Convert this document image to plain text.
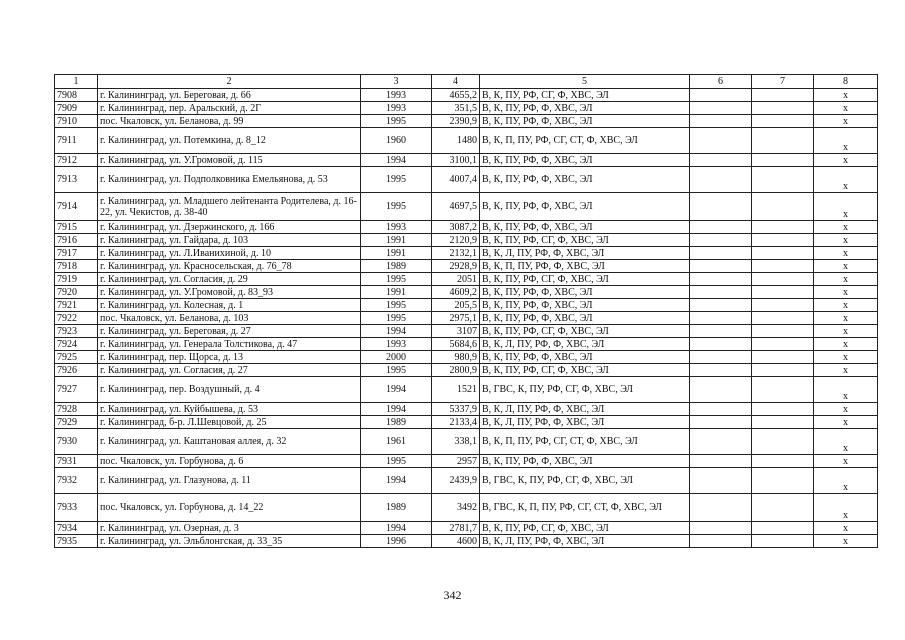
1	2	3	4	5	6	7	8
7908	г. Калининград, ул. Береговая, д. 66	1993	4655,2	В, К, ПУ, РФ, СГ, Ф, ХВС, ЭЛ			х
7909	г. Калининград, пер. Аральский, д. 2Г	1993	351,5	В, К, ПУ, РФ, Ф, ХВС, ЭЛ			х
7910	пос. Чкаловск, ул. Беланова, д. 99	1995	2390,9	В, К, ПУ, РФ, Ф, ХВС, ЭЛ			х
7911	г. Калининград, ул. Потемкина, д. 8_12	1960	1480	В, К, П, ПУ, РФ, СГ, СТ, Ф, ХВС, ЭЛ			х
7912	г. Калининград, ул. У.Громовой, д. 115	1994	3100,1	В, К, ПУ, РФ, Ф, ХВС, ЭЛ			х
7913	г. Калининград, ул. Подполковника Емельянова, д. 53	1995	4007,4	В, К, ПУ, РФ, Ф, ХВС, ЭЛ			х
7914	г. Калининград, ул. Младшего лейтенанта Родителева, д. 16-22, ул. Чекистов, д. 38-40	1995	4697,5	В, К, ПУ, РФ, Ф, ХВС, ЭЛ			х
7915	г. Калининград, ул. Дзержинского, д. 166	1993	3087,2	В, К, ПУ, РФ, Ф, ХВС, ЭЛ			х
7916	г. Калининград, ул. Гайдара, д. 103	1991	2120,9	В, К, ПУ, РФ, СГ, Ф, ХВС, ЭЛ			х
7917	г. Калининград, ул. Л.Иванихиной, д. 10	1991	2132,1	В, К, Л, ПУ, РФ, Ф, ХВС, ЭЛ			х
7918	г. Калининград, ул. Красносельская, д. 76_78	1989	2928,9	В, К, П, ПУ, РФ, Ф, ХВС, ЭЛ			х
7919	г. Калининград, ул. Согласия, д. 29	1995	2051	В, К, ПУ, РФ, СГ, Ф, ХВС, ЭЛ			х
7920	г. Калининград, ул. У.Громовой, д. 83_93	1991	4609,2	В, К, ПУ, РФ, Ф, ХВС, ЭЛ			х
7921	г. Калининград, ул. Колесная, д. 1	1995	205,5	В, К, ПУ, РФ, Ф, ХВС, ЭЛ			х
7922	пос. Чкаловск, ул. Беланова, д. 103	1995	2975,1	В, К, ПУ, РФ, Ф, ХВС, ЭЛ			х
7923	г. Калининград, ул. Береговая, д. 27	1994	3107	В, К, ПУ, РФ, СГ, Ф, ХВС, ЭЛ			х
7924	г. Калининград, ул. Генерала Толстикова, д. 47	1993	5684,6	В, К, Л, ПУ, РФ, Ф, ХВС, ЭЛ			х
7925	г. Калининград, пер. Щорса, д. 13	2000	980,9	В, К, ПУ, РФ, Ф, ХВС, ЭЛ			х
7926	г. Калининград, ул. Согласия, д. 27	1995	2800,9	В, К, ПУ, РФ, СГ, Ф, ХВС, ЭЛ			х
7927	г. Калининград, пер. Воздушный, д. 4	1994	1521	В, ГВС, К, ПУ, РФ, СГ, Ф, ХВС, ЭЛ			х
7928	г. Калининград, ул. Куйбышева, д. 53	1994	5337,9	В, К, Л, ПУ, РФ, Ф, ХВС, ЭЛ			х
7929	г. Калининград, б-р. Л.Шевцовой, д. 25	1989	2133,4	В, К, Л, ПУ, РФ, Ф, ХВС, ЭЛ			х
7930	г. Калининград, ул. Каштановая аллея, д. 32	1961	338,1	В, К, П, ПУ, РФ, СГ, СТ, Ф, ХВС, ЭЛ			х
7931	пос. Чкаловск, ул. Горбунова, д. 6	1995	2957	В, К, ПУ, РФ, Ф, ХВС, ЭЛ			х
7932	г. Калининград, ул. Глазунова, д. 11	1994	2439,9	В, ГВС, К, ПУ, РФ, СГ, Ф, ХВС, ЭЛ			х
7933	пос. Чкаловск, ул. Горбунова, д. 14_22	1989	3492	В, ГВС, К, П, ПУ, РФ, СГ, СТ, Ф, ХВС, ЭЛ			х
7934	г. Калининград, ул. Озерная, д. 3	1994	2781,7	В, К, ПУ, РФ, СГ, Ф, ХВС, ЭЛ			х
7935	г. Калининград, ул. Эльблонгская, д. 33_35	1996	4600	В, К, Л, ПУ, РФ, Ф, ХВС, ЭЛ			х
342
